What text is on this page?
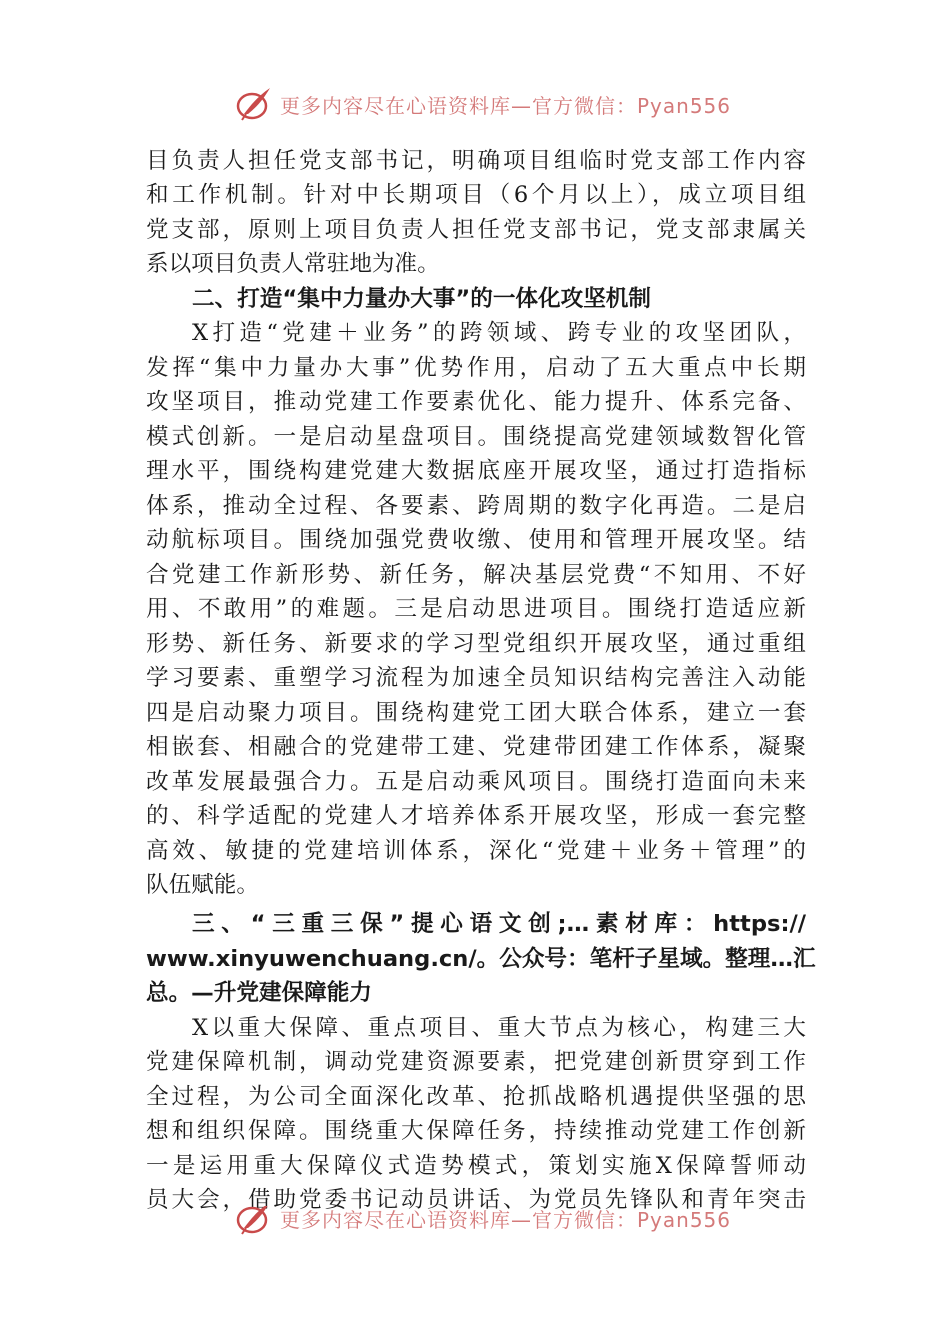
更多内容尽在心语资料库—官方微信：Pyan556
目负责人担任党支部书记，明确项目组临时党支部工作内容
和工作机制。针对中长期项目（6个月以上），成立项目组
党支部，原则上项目负责人担任党支部书记，党支部隶属关
系以项目负责人常驻地为准。
二、打造“集中力量办大事”的一体化攻坚机制
X打造“党建＋业务”的跨领域、跨专业的攻坚团队，
发挥“集中力量办大事”优势作用，启动了五大重点中长期
攻坚项目，推动党建工作要素优化、能力提升、体系完备、
模式创新。一是启动星盘项目。围绕提高党建领域数智化管
理水平，围绕构建党建大数据底座开展攻坚，通过打造指标
体系，推动全过程、各要素、跨周期的数字化再造。二是启
动航标项目。围绕加强党费收缴、使用和管理开展攻坚。结
合党建工作新形势、新任务，解决基层党费“不知用、不好
用、不敢用”的难题。三是启动思进项目。围绕打造适应新
形势、新任务、新要求的学习型党组织开展攻坚，通过重组
学习要素、重塑学习流程为加速全员知识结构完善注入动能
四是启动聚力项目。围绕构建党工团大联合体系，建立一套
相嵌套、相融合的党建带工建、党建带团建工作体系，凝聚
改革发展最强合力。五是启动乘风项目。围绕打造面向未来
的、科学适配的党建人才培养体系开展攻坚，形成一套完整
高效、敏捷的党建培训体系，深化“党建＋业务＋管理”的
队伍赋能。
三、“三重三保”提心语文创;…素材库：https://
www.xinyuwenchuang.cn/。公众号：笔杆子星域。整理…汇
总。—升党建保障能力
X以重大保障、重点项目、重大节点为核心，构建三大
党建保障机制，调动党建资源要素，把党建创新贯穿到工作
全过程，为公司全面深化改革、抢抓战略机遇提供坚强的思
想和组织保障。围绕重大保障任务，持续推动党建工作创新
一是运用重大保障仪式造势模式，策划实施X保障誓师动
员大会，借助党委书记动员讲话、为党员先锋队和青年突击
更多内容尽在心语资料库—官方微信：Pyan556
